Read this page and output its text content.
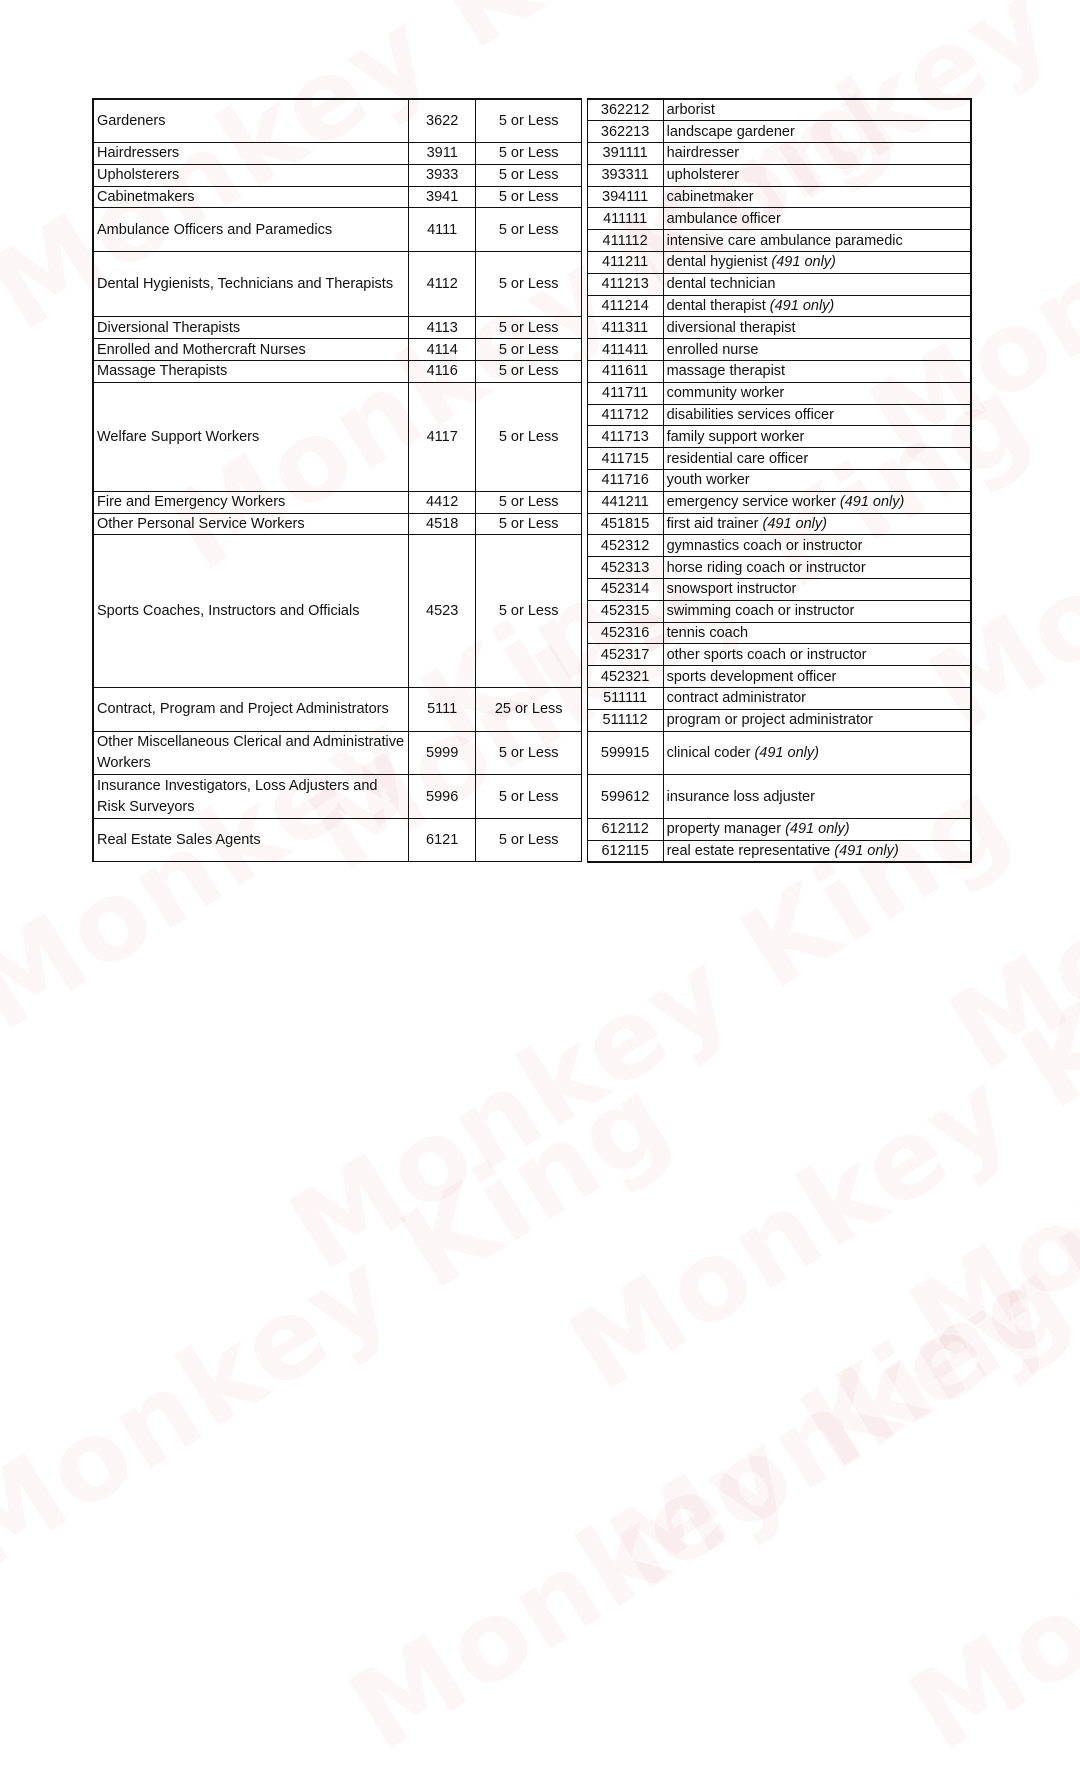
Gardeners	3622	5 or Less		362212	arborist
				362213	landscape gardener
Hairdressers	3911	5 or Less		391111	hairdresser
Upholsterers	3933	5 or Less		393311	upholsterer
Cabinetmakers	3941	5 or Less		394111	cabinetmaker
Ambulance Officers and Paramedics	4111	5 or Less		411111	ambulance officer
				411112	intensive care ambulance paramedic
Dental Hygienists, Technicians and Therapists	4112	5 or Less		411211	dental hygienist (491 only)
				411213	dental technician
				411214	dental therapist (491 only)
Diversional Therapists	4113	5 or Less		411311	diversional therapist
Enrolled and Mothercraft Nurses	4114	5 or Less		411411	enrolled nurse
Massage Therapists	4116	5 or Less		411611	massage therapist
Welfare Support Workers	4117	5 or Less		411711	community worker
				411712	disabilities services officer
				411713	family support worker
				411715	residential care officer
				411716	youth worker
Fire and Emergency Workers	4412	5 or Less		441211	emergency service worker (491 only)
Other Personal Service Workers	4518	5 or Less		451815	first aid trainer (491 only)
Sports Coaches, Instructors and Officials	4523	5 or Less		452312	gymnastics coach or instructor
				452313	horse riding coach or instructor
				452314	snowsport instructor
				452315	swimming coach or instructor
				452316	tennis coach
				452317	other sports coach or instructor
				452321	sports development officer
Contract, Program and Project Administrators	5111	25 or Less		511111	contract administrator
				511112	program or project administrator
Other Miscellaneous Clerical and Administrative Workers	5999	5 or Less		599915	clinical coder (491 only)
Insurance Investigators, Loss Adjusters and Risk Surveyors	5996	5 or Less		599612	insurance loss adjuster
Real Estate Sales Agents	6121	5 or Less		612112	property manager (491 only)
				612115	real estate representative (491 only)
